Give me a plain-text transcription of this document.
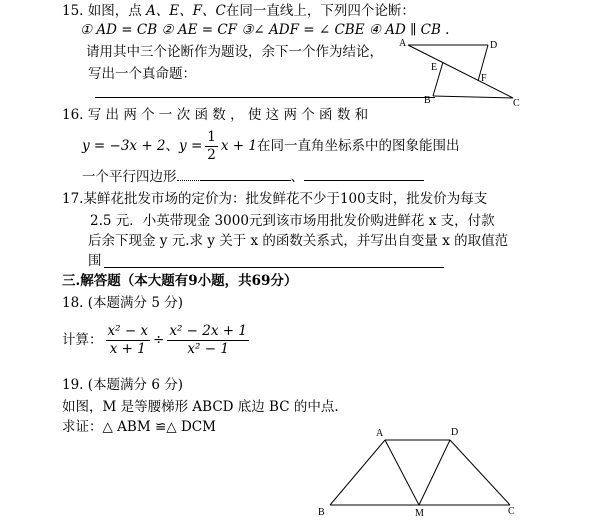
15. 如图，点 A、E、F、C在同一直线上，下列四个论断：
① AD = CB ② AE = CF ③∠ ADF = ∠ CBE ④ AD ∥ CB .
请用其中三个论断作为题设，余下一个作为结论，
写出一个真命题：
A	D
E
F
B	C
16. 写 出 两 个 一 次 函 数 ， 使 这 两 个 函 数 和
y = −3x + 2、$y = \frac{1}{2}$ x + 1在同一直角坐标系中的图象能围出
一个平行四边形	、
17.某鲜花批发市场的定价为：批发鲜花不少于100支时，批发价为每支
2.5 元．小英带现金 3000元到该市场用批发价购进鲜花 x 支，付款
后余下现金 y 元.求 y 关于 x 的函数关系式，并写出自变量 x 的取值范
围
三.解答题（本大题有9小题，共69分）
18. (本题满分 5 分)
计算： $\frac{\text{x² − x}}{x + 1} \div \frac{\text{x² − 2x + 1}}{\text{x² − 1}}$
19. (本题满分 6 分)
如图，M 是等腰梯形 ABCD 底边 BC 的中点.
求证：△ ABM ≌△ DCM	A	D
B	M	C
